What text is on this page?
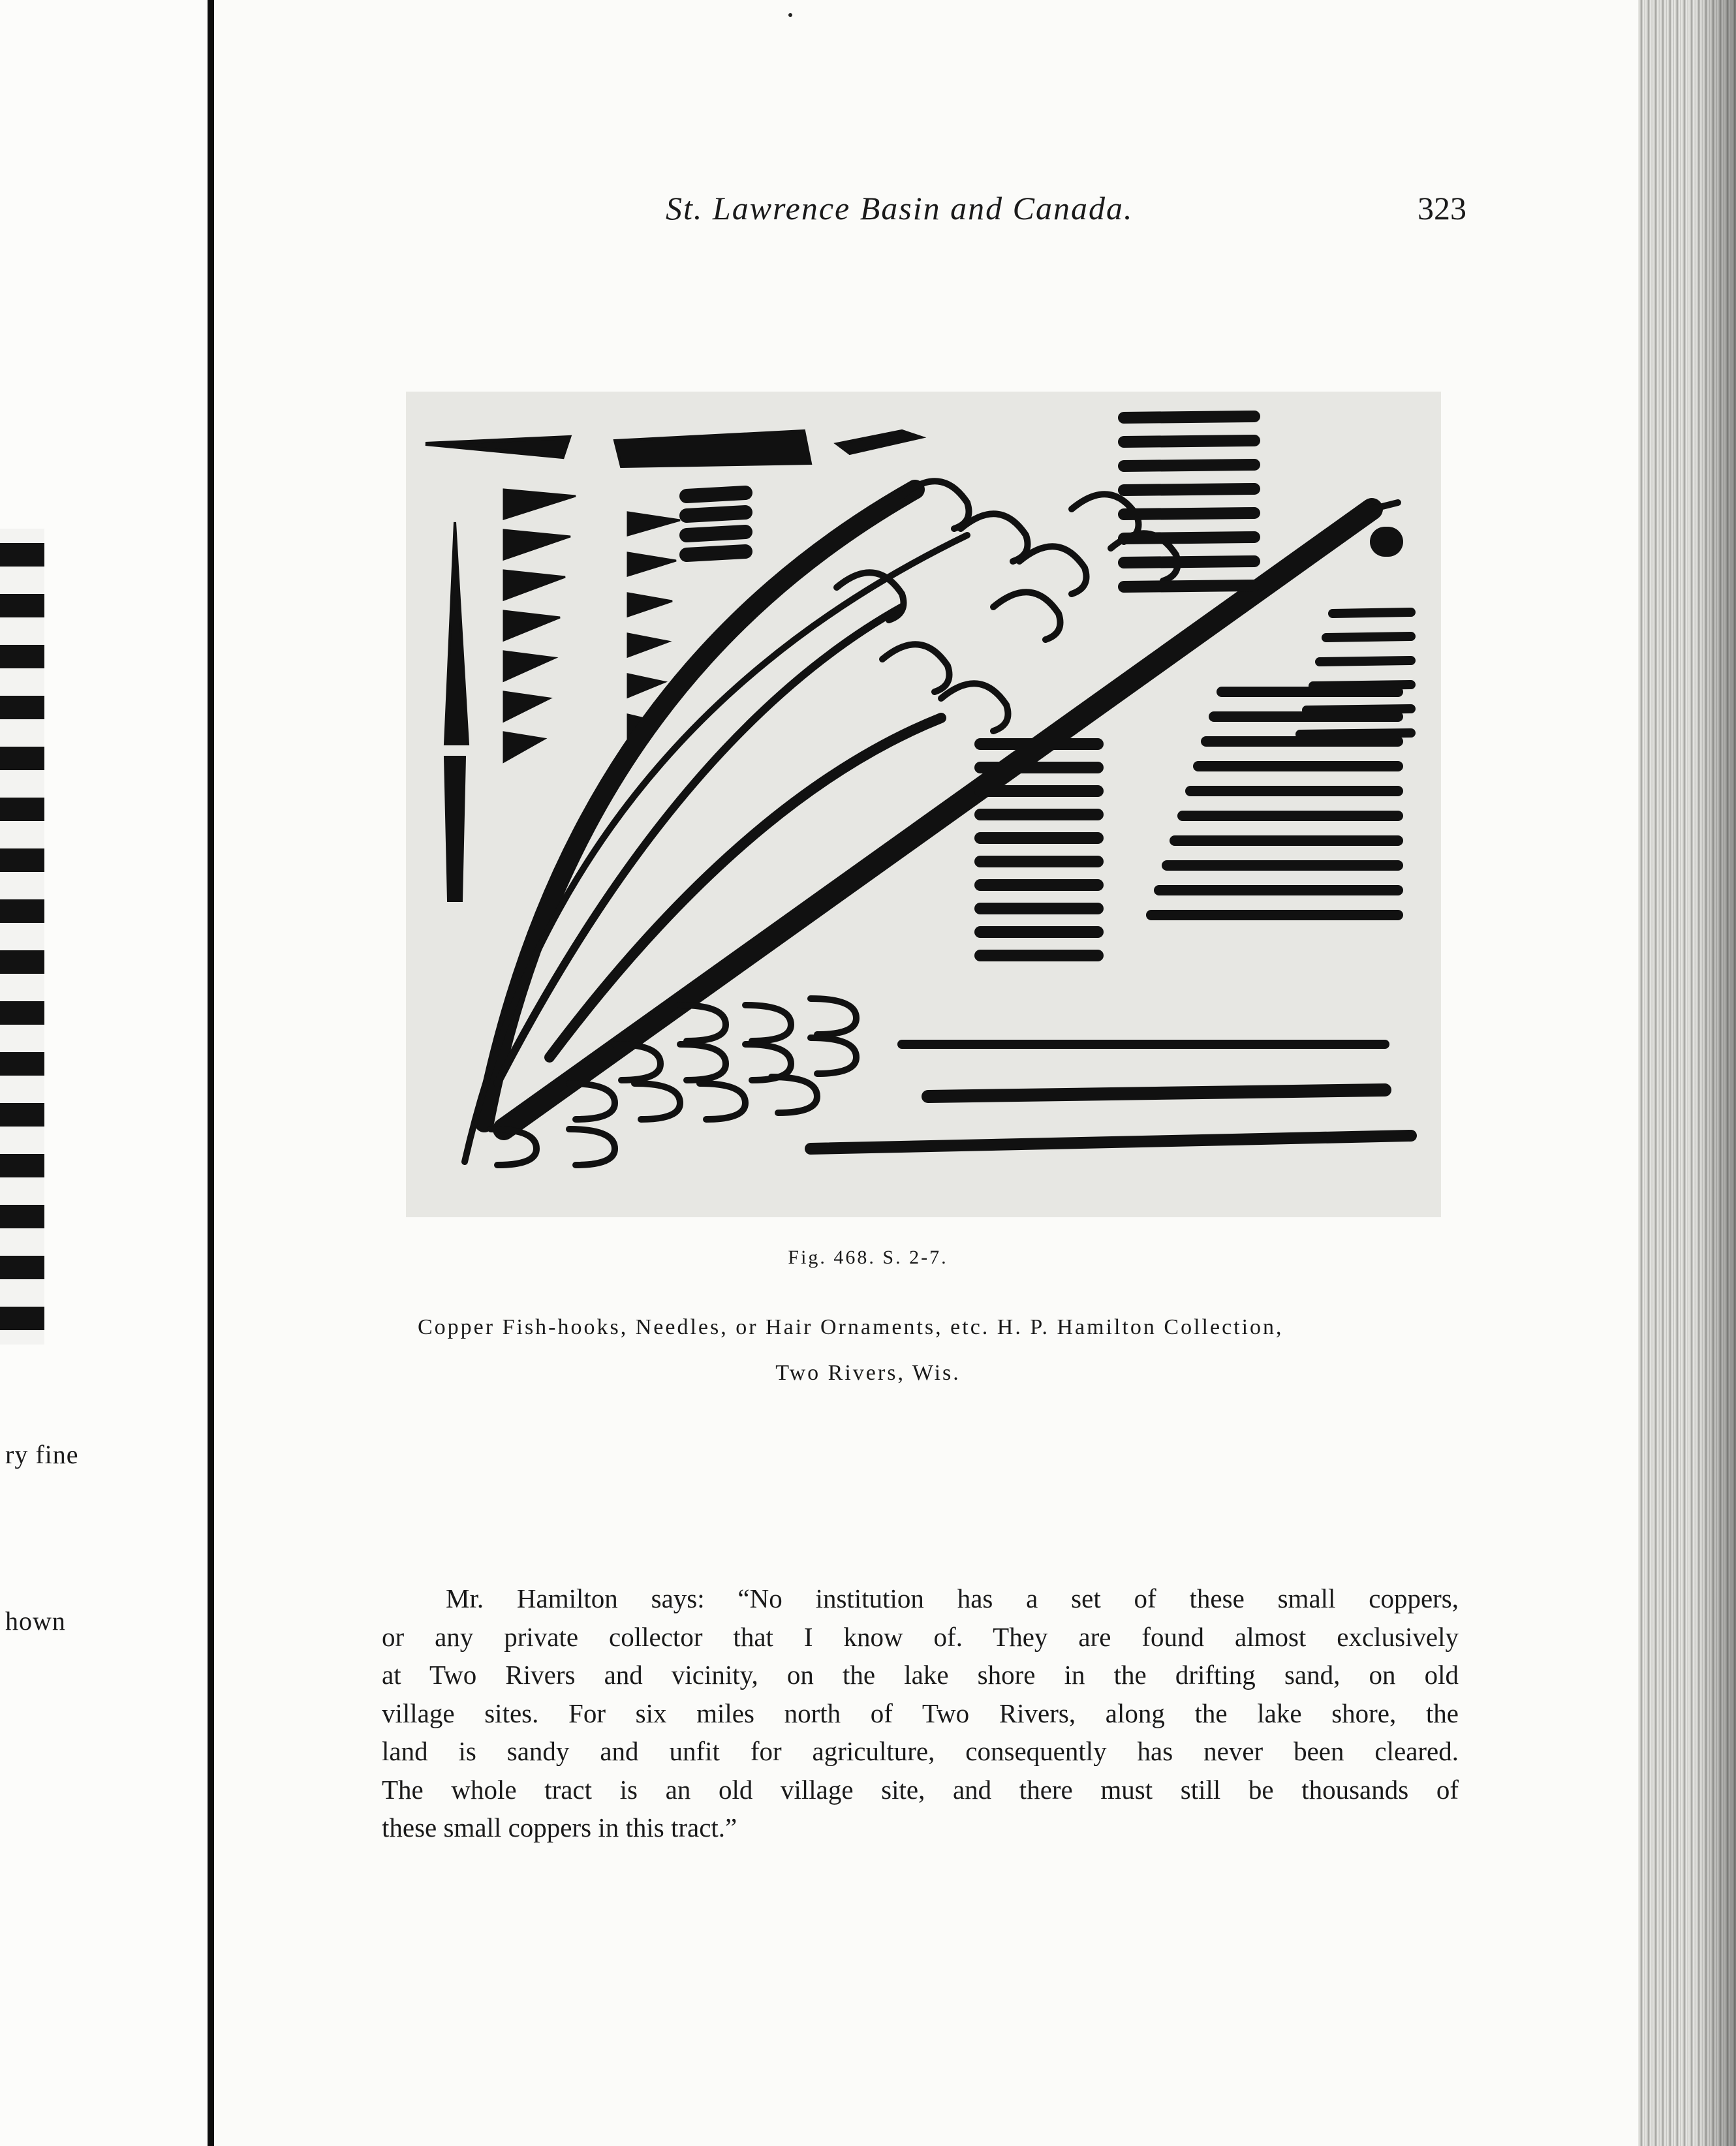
ry fine
hown
St. Lawrence Basin and Canada.	323
Fig. 468. S. 2-7.
Copper Fish-hooks, Needles, or Hair Ornaments, etc. H. P. Hamilton Collection,
Two Rivers, Wis.
Mr. Hamilton says: “No institution has a set of these small coppers,
or any private collector that I know of. They are found almost exclusively
at Two Rivers and vicinity, on the lake shore in the drifting sand, on old
village sites. For six miles north of Two Rivers, along the lake shore, the
land is sandy and unfit for agriculture, consequently has never been cleared.
The whole tract is an old village site, and there must still be thousands of
these small coppers in this tract.”
